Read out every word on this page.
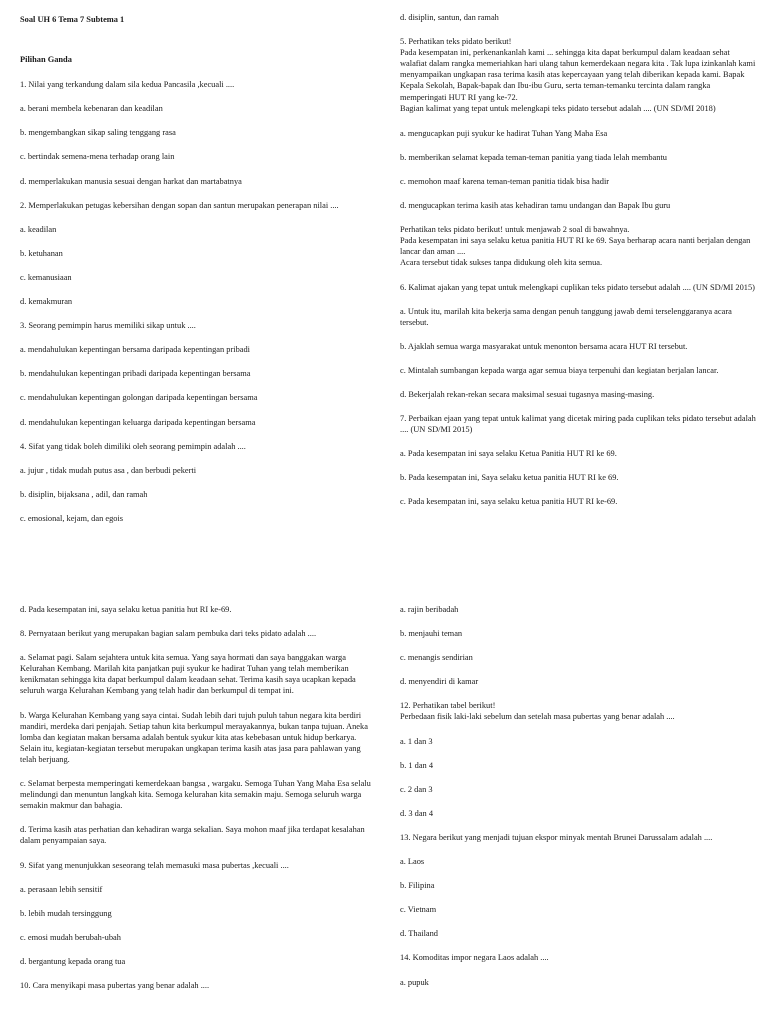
Soal UH 6 Tema 7 Subtema 1

Pilihan Ganda

1. Nilai yang terkandung dalam sila kedua Pancasila ,kecuali ....

a. berani membela kebenaran dan keadilan

b. mengembangkan sikap saling tenggang rasa

c. bertindak semena-mena terhadap orang lain

d. memperlakukan manusia sesuai dengan harkat dan martabatnya

2. Memperlakukan petugas kebersihan dengan sopan dan santun merupakan penerapan nilai ....

a. keadilan

b. ketuhanan

c. kemanusiaan

d. kemakmuran

3. Seorang pemimpin harus memiliki sikap untuk ....

a. mendahulukan kepentingan bersama daripada kepentingan pribadi

b. mendahulukan kepentingan pribadi daripada kepentingan bersama

c. mendahulukan kepentingan golongan daripada kepentingan bersama

d. mendahulukan kepentingan keluarga daripada kepentingan bersama

4. Sifat yang tidak boleh dimiliki oleh seorang pemimpin adalah ....

a. jujur , tidak mudah putus asa , dan berbudi pekerti

b. disiplin, bijaksana , adil, dan ramah

c. emosional, kejam, dan egois

d. disiplin, santun, dan ramah

5. Perhatikan teks pidato berikut!

Pada kesempatan ini, perkenankanlah kami ... sehingga kita dapat berkumpul dalam keadaan sehat walafiat dalam rangka memeriahkan hari ulang tahun kemerdekaan negara kita . Tak lupa izinkanlah kami menyampaikan ungkapan rasa terima kasih atas kepercayaan yang telah diberikan kepada kami. Bapak Kepala Sekolah, Bapak-bapak dan Ibu-ibu Guru, serta teman-temanku tercinta dalam rangka memperingati HUT RI yang ke-72.

Bagian kalimat yang tepat untuk melengkapi teks pidato tersebut adalah .... (UN SD/MI 2018)

a. mengucapkan puji syukur ke hadirat Tuhan Yang Maha Esa

b. memberikan selamat kepada teman-teman panitia yang tiada lelah membantu

c. memohon maaf karena teman-teman panitia tidak bisa hadir

d. mengucapkan terima kasih atas kehadiran tamu undangan dan Bapak Ibu guru

Perhatikan teks pidato berikut! untuk menjawab 2 soal di bawahnya.

Pada kesempatan ini saya selaku ketua panitia HUT RI ke 69. Saya berharap acara nanti berjalan dengan lancar dan aman ....

Acara tersebut tidak sukses tanpa didukung oleh kita semua.

6. Kalimat ajakan yang tepat untuk melengkapi cuplikan teks pidato tersebut adalah .... (UN SD/MI 2015)

a. Untuk itu, marilah kita bekerja sama dengan penuh tanggung jawab demi terselenggaranya acara tersebut.

b. Ajaklah semua warga masyarakat untuk menonton bersama acara HUT RI tersebut.

c. Mintalah sumbangan kepada warga agar semua biaya terpenuhi dan kegiatan berjalan lancar.

d. Bekerjalah rekan-rekan secara maksimal sesuai tugasnya masing-masing.

7. Perbaikan ejaan yang tepat untuk kalimat yang dicetak miring pada cuplikan teks pidato tersebut adalah .... (UN SD/MI 2015)

a. Pada kesempatan ini saya selaku Ketua Panitia HUT RI ke 69.

b. Pada kesempatan ini, Saya selaku ketua panitia HUT RI ke 69.

c. Pada kesempatan ini, saya selaku ketua panitia HUT RI ke-69.

d. Pada kesempatan ini, saya selaku ketua panitia hut RI ke-69.

8. Pernyataan berikut yang merupakan bagian salam pembuka dari teks pidato adalah ....

a. Selamat pagi. Salam sejahtera untuk kita semua. Yang saya hormati dan saya banggakan warga Kelurahan Kembang. Marilah kita panjatkan puji syukur ke hadirat Tuhan yang telah memberikan kenikmatan sehingga kita dapat berkumpul dalam keadaan sehat. Terima kasih saya ucapkan kepada seluruh warga Kelurahan Kembang yang telah hadir dan berkumpul di tempat ini.

b. Warga Kelurahan Kembang yang saya cintai. Sudah lebih dari tujuh puluh tahun negara kita berdiri mandiri, merdeka dari penjajah. Setiap tahun kita berkumpul merayakannya, bukan tanpa tujuan. Aneka lomba dan kegiatan makan bersama adalah bentuk syukur kita atas kebebasan untuk hidup berkarya. Selain itu, kegiatan-kegiatan tersebut merupakan ungkapan terima kasih atas jasa para pahlawan yang telah berjuang.

c. Selamat berpesta memperingati kemerdekaan bangsa , wargaku. Semoga Tuhan Yang Maha Esa selalu melindungi dan menuntun langkah kita. Semoga kelurahan kita semakin maju. Semoga seluruh warga semakin makmur dan bahagia.

d. Terima kasih atas perhatian dan kehadiran warga sekalian. Saya mohon maaf jika terdapat kesalahan dalam penyampaian saya.

9. Sifat yang menunjukkan seseorang telah memasuki masa pubertas ,kecuali ....

a. perasaan lebih sensitif

b. lebih mudah tersinggung

c. emosi mudah berubah-ubah

d. bergantung kepada orang tua

10. Cara menyikapi masa pubertas yang benar adalah ....

a. rajin beribadah

b. menjauhi teman

c. menangis sendirian

d. menyendiri di kamar

12. Perhatikan tabel berikut!

Perbedaan fisik laki-laki sebelum dan setelah masa pubertas yang benar adalah ....

a. 1 dan 3

b. 1 dan 4

c. 2 dan 3

d. 3 dan 4

13. Negara berikut yang menjadi tujuan ekspor minyak mentah Brunei Darussalam adalah ....

a. Laos

b. Filipina

c. Vietnam

d. Thailand

14. Komoditas impor negara Laos adalah ....

a. pupuk
